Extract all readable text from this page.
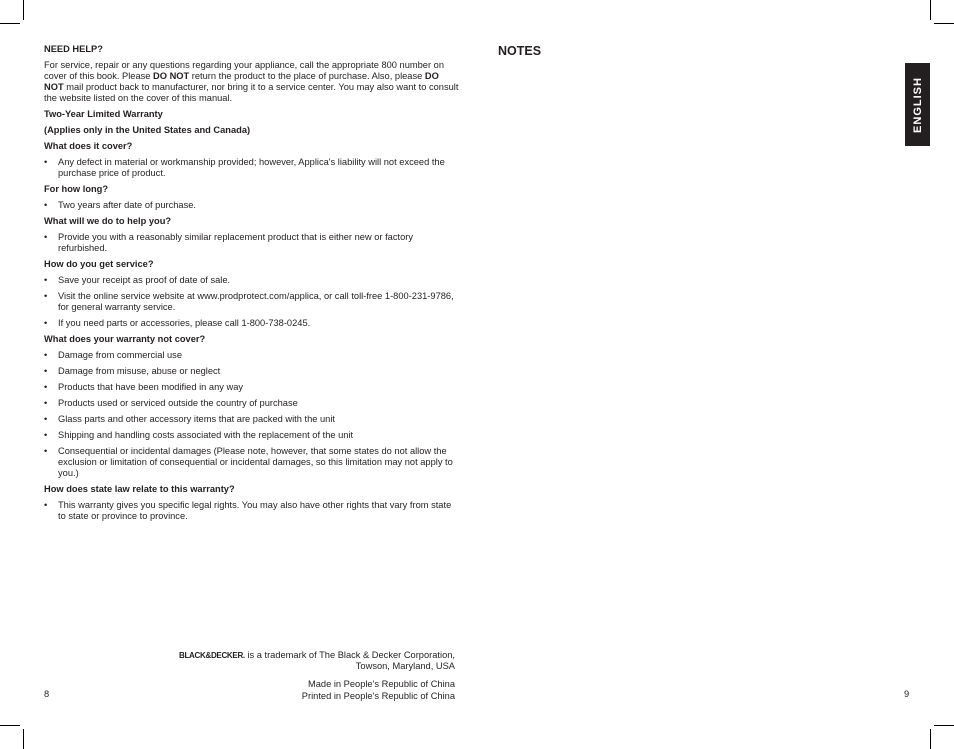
NEED HELP?
For service, repair or any questions regarding your appliance, call the appropriate 800 number on cover of this book. Please DO NOT return the product to the place of purchase. Also, please DO NOT mail product back to manufacturer, nor bring it to a service center. You may also want to consult the website listed on the cover of this manual.
Two-Year Limited Warranty
(Applies only in the United States and Canada)
What does it cover?
•	Any defect in material or workmanship provided; however, Applica's liability will not exceed the purchase price of product.
For how long?
•	Two years after date of purchase.
What will we do to help you?
•	Provide you with a reasonably similar replacement product that is either new or factory refurbished.
How do you get service?
•	Save your receipt as proof of date of sale.
•	Visit the online service website at www.prodprotect.com/applica, or call toll-free 1-800-231-9786, for general warranty service.
•	If you need parts or accessories, please call 1-800-738-0245.
What does your warranty not cover?
•	Damage from commercial use
•	Damage from misuse, abuse or neglect
•	Products that have been modified in any way
•	Products used or serviced outside the country of purchase
•	Glass parts and other accessory items that are packed with the unit
•	Shipping and handling costs associated with the replacement of the unit
•	Consequential or incidental damages (Please note, however, that some states do not allow the exclusion or limitation of consequential or incidental damages, so this limitation may not apply to you.)
How does state law relate to this warranty?
•	This warranty gives you specific legal rights. You may also have other rights that vary from state to state or province to province.
BLACK&DECKER. is a trademark of The Black & Decker Corporation,
Towson, Maryland, USA
Made in People's Republic of China
Printed in People's Republic of China
8	9
NOTES
ENGLISH
